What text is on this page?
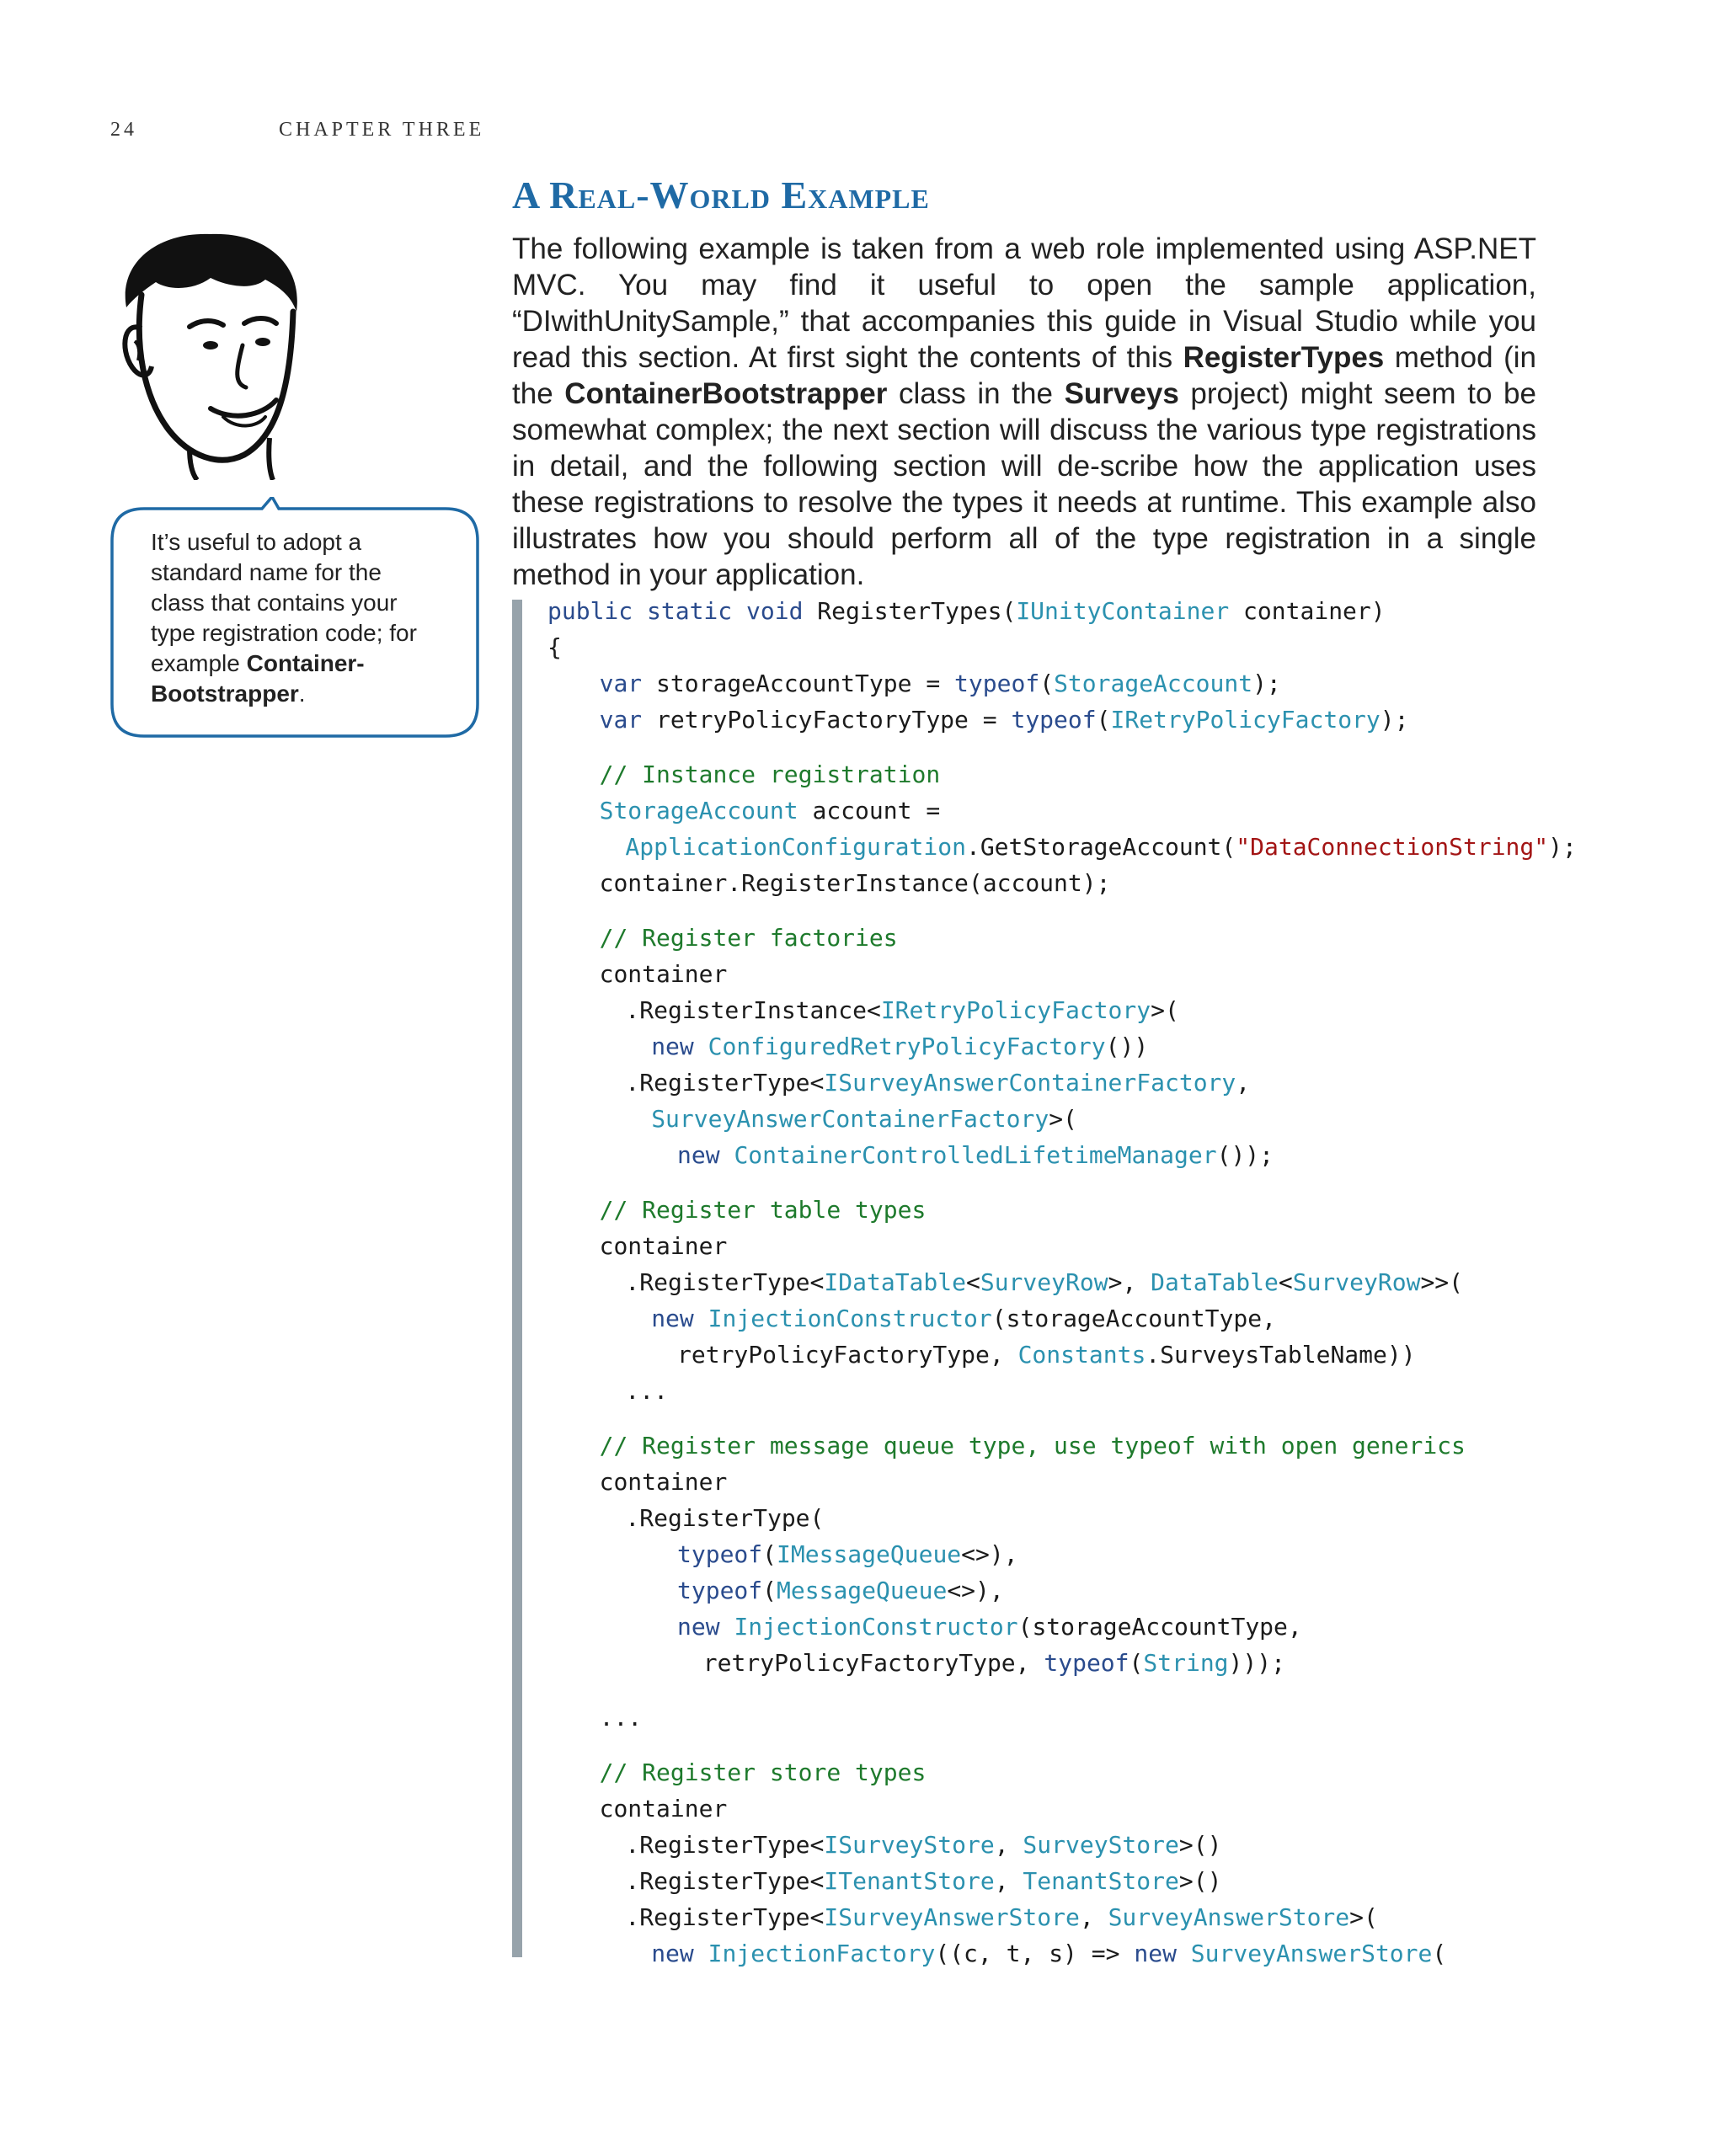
24	CHAPTER THREE
It’s useful to adopt a standard name for the class that contains your type registration code; for example Container-Bootstrapper.
A Real-World Example

The following example is taken from a web role implemented using ASP.NET MVC. You may find it useful to open the sample application, “DIwithUnitySample,” that accompanies this guide in Visual Studio while you read this section. At first sight the contents of this RegisterTypes method (in the ContainerBootstrapper class in the Surveys project) might seem to be somewhat complex; the next section will discuss the various type registrations in detail, and the following section will de-scribe how the application uses these registrations to resolve the types it needs at runtime. This example also illustrates how you should perform all of the type registration in a single method in your application.

public static void RegisterTypes(IUnityContainer container)
{
var storageAccountType = typeof(StorageAccount);
var retryPolicyFactoryType = typeof(IRetryPolicyFactory);
// Instance registration
StorageAccount account =
ApplicationConfiguration.GetStorageAccount("DataConnectionString");
container.RegisterInstance(account);
// Register factories
container
.RegisterInstance<IRetryPolicyFactory>(
new ConfiguredRetryPolicyFactory())
.RegisterType<ISurveyAnswerContainerFactory,
SurveyAnswerContainerFactory>(
new ContainerControlledLifetimeManager());
// Register table types
container
.RegisterType<IDataTable<SurveyRow>, DataTable<SurveyRow>>(
new InjectionConstructor(storageAccountType,
retryPolicyFactoryType, Constants.SurveysTableName))
...
// Register message queue type, use typeof with open generics
container
.RegisterType(
typeof(IMessageQueue<>),
typeof(MessageQueue<>),
new InjectionConstructor(storageAccountType,
retryPolicyFactoryType, typeof(String)));
...
// Register store types
container
.RegisterType<ISurveyStore, SurveyStore>()
.RegisterType<ITenantStore, TenantStore>()
.RegisterType<ISurveyAnswerStore, SurveyAnswerStore>(
new InjectionFactory((c, t, s) => new SurveyAnswerStore(
